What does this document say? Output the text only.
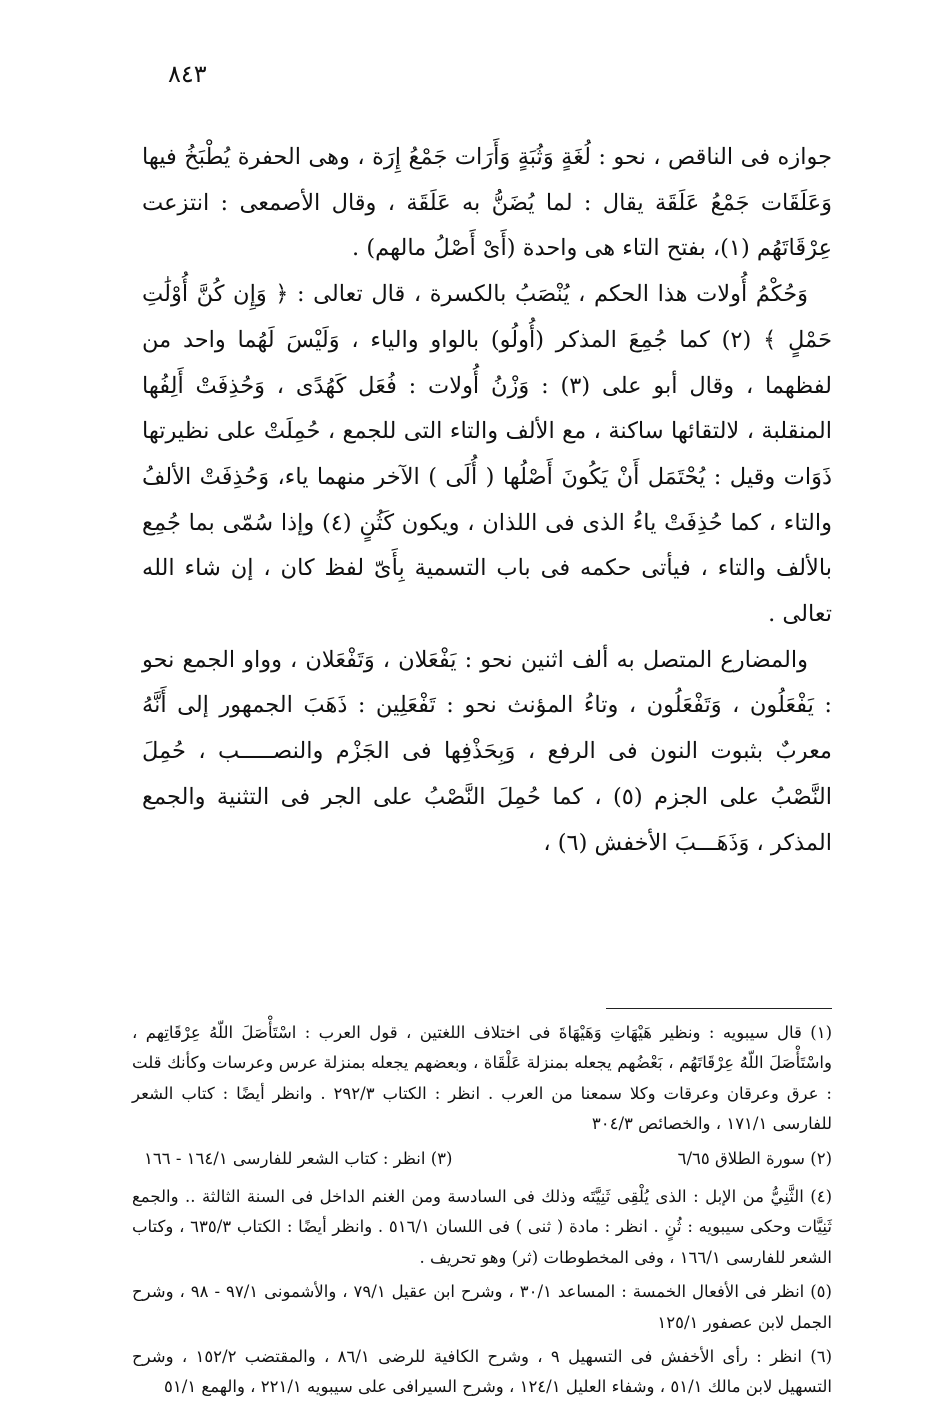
٨٤٣

جوازه فى الناقص ، نحو : لُغَةٍ وَثُبَةٍ وَأَرَات جَمْعُ إِرَة ، وهى الحفرة يُطْبَخُ فيها وَعَلَقَات جَمْعُ عَلَقَة يقال : لما يُضَنُّ به عَلَقَة ، وقال الأصمعى : انتزعت عِرْقَاتَهُم (١)، بفتح التاء هى واحدة (أَىْ أَصْلُ مالهم) .

وَحُكْمُ أُولات هذا الحكم ، يُنْصَبُ بالكسرة ، قال تعالى : ﴿ وَإِن كُنَّ أُوْلَٰتِ حَمْلٍ ﴾ (٢) كما جُمِعَ المذكر (أُولُو) بالواو والياء ، وَلَيْسَ لَهُما واحد من لفظهما ، وقال أبو على (٣) : وَزْنُ أُولات : فُعَل كَهُدًى ، وَحُذِفَتْ أَلِفُها المنقلبة ، لالتقائها ساكنة ، مع الألف والتاء التى للجمع ، حُمِلَتْ على نظيرتها ذَوَات وقيل : يُحْتَمَل أَنْ يَكُونَ أَصْلُها ( أُلَى ) الآخر منهما ياء، وَحُذِفَتْ الألفُ والتاء ، كما حُذِفَتْ ياءُ الذى فى اللذان ، ويكون كَثُنٍ (٤) وإذا سُمّى بما جُمِع بالألف والتاء ، فيأتى حكمه فى باب التسمية بِأَىّ لفظ كان ، إن شاء الله تعالى .

والمضارع المتصل به ألف اثنين نحو : يَفْعَلان ، وَتَفْعَلان ، وواو الجمع نحو : يَفْعَلُون ، وَتَفْعَلُون ، وتاءُ المؤنث نحو : تَفْعَلِين : ذَهَبَ الجمهور إلى أَنَّهُ معربٌ بثبوت النون فى الرفع ، وَبِحَذْفِها فى الجَزْم والنصـــــب ، حُمِلَ النَّصْبُ على الجزم (٥) ، كما حُمِلَ النَّصْبُ على الجر فى التثنية والجمع المذكر ، وَذَهَـــبَ الأخفش (٦) ،

(١) قال سيبويه : ونظير هَيْهَاتِ وَهَيْهَاةَ فى اختلاف اللغتين ، قول العرب : اسْتَأْصَلَ اللّهُ عِرْقَاتِهم ، واسْتَأْصَلَ اللّهُ عِرْقَاتَهُم ، بَعْضُهم يجعله بمنزلة عَلْقَاة ، وبعضهم يجعله بمنزلة عرس وعرسات وكأنك قلت : عرق وعرقان وعرقات وكلا سمعنا من العرب . انظر : الكتاب ٢٩٢/٣ . وانظر أيضًا : كتاب الشعر للفارسى ١٧١/١ ، والخصائص ٣٠٤/٣

(٢) سورة الطلاق ٦/٦٥
(٣) انظر : كتاب الشعر للفارسى ١٦٤/١ - ١٦٦

(٤) الثَّنِيُّ من الإبل : الذى يُلْقِى ثَنِيَّتَه وذلك فى السادسة ومن الغنم الداخل فى السنة الثالثة .. والجمع ثَنِيَّات وحكى سيبويه : ثُنٍ . انظر : مادة ( ثنى ) فى اللسان ٥١٦/١ . وانظر أيضًا : الكتاب ٦٣٥/٣ ، وكتاب الشعر للفارسى ١٦٦/١ ، وفى المخطوطات (ثر) وهو تحريف .

(٥) انظر فى الأفعال الخمسة : المساعد ٣٠/١ ، وشرح ابن عقيل ٧٩/١ ، والأشمونى ٩٧/١ - ٩٨ ، وشرح الجمل لابن عصفور ١٢٥/١

(٦) انظر : رأى الأخفش فى التسهيل ٩ ، وشرح الكافية للرضى ٨٦/١ ، والمقتضب ١٥٢/٢ ، وشرح التسهيل لابن مالك ٥١/١ ، وشفاء العليل ١٢٤/١ ، وشرح السيرافى على سيبويه ٢٢١/١ ، والهمع ٥١/١
